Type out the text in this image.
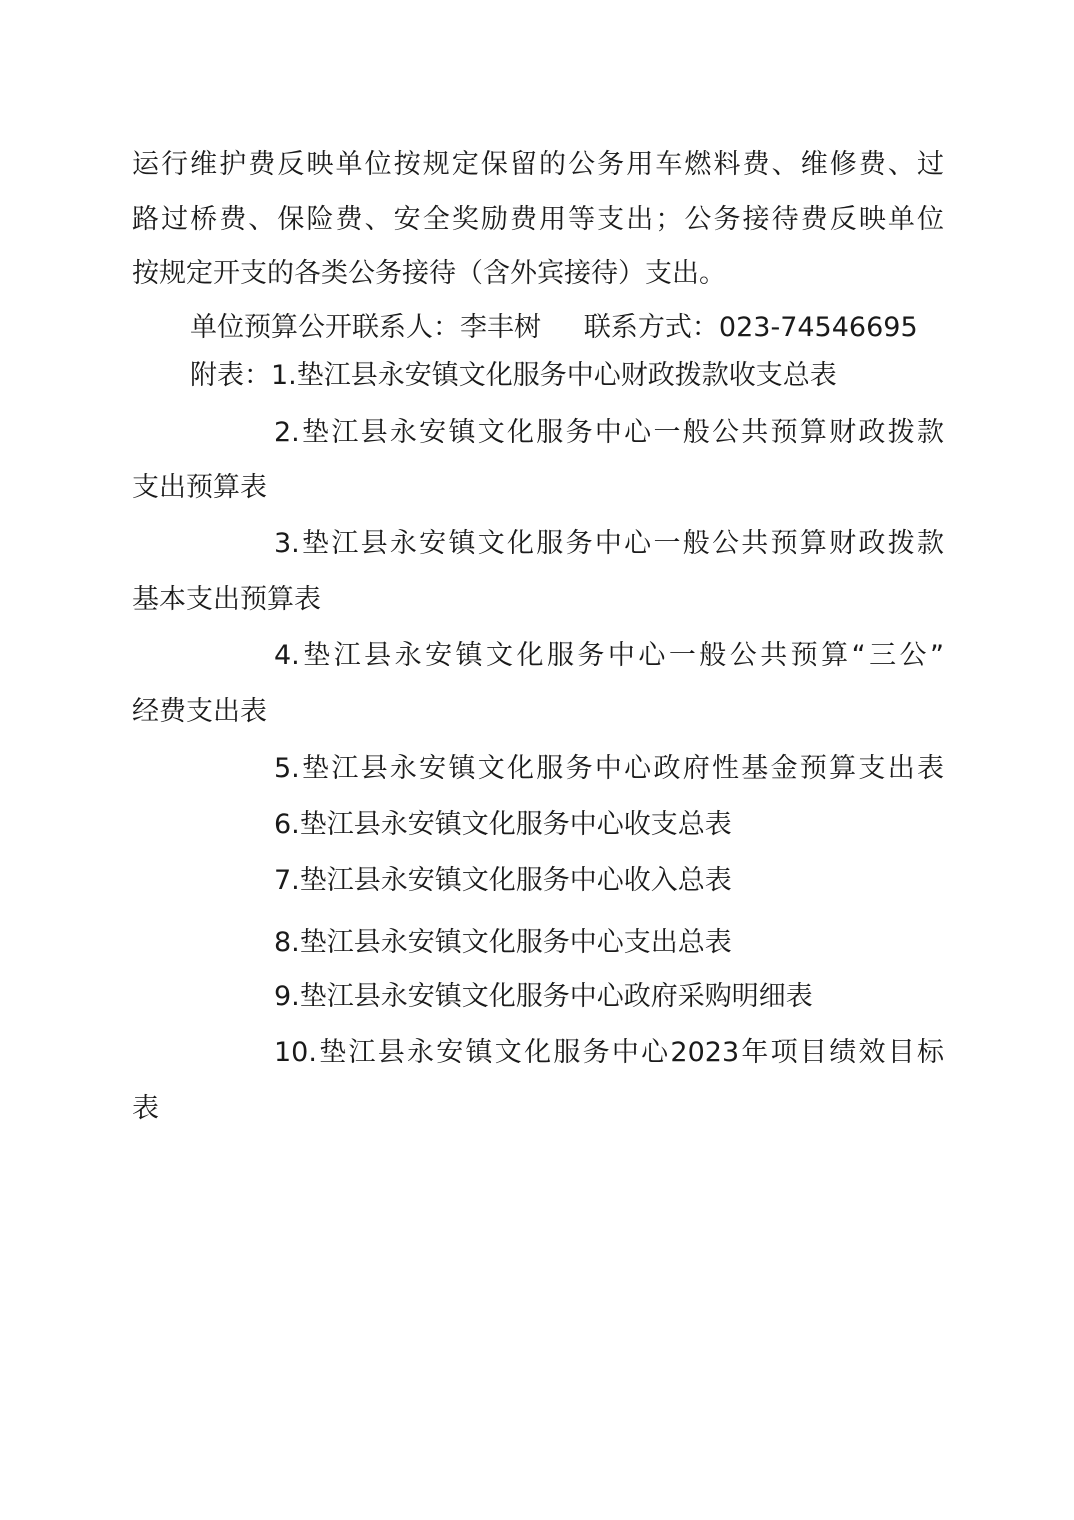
运行维护费反映单位按规定保留的公务用车燃料费、维修费、过
路过桥费、保险费、安全奖励费用等支出；公务接待费反映单位
按规定开支的各类公务接待（含外宾接待）支出。
单位预算公开联系人：李丰树 联系方式：023-74546695
附表：1.垫江县永安镇文化服务中心财政拨款收支总表
2.垫江县永安镇文化服务中心一般公共预算财政拨款
支出预算表
3.垫江县永安镇文化服务中心一般公共预算财政拨款
基本支出预算表
4.垫江县永安镇文化服务中心一般公共预算“三公”
经费支出表
5.垫江县永安镇文化服务中心政府性基金预算支出表
6.垫江县永安镇文化服务中心收支总表
7.垫江县永安镇文化服务中心收入总表
8.垫江县永安镇文化服务中心支出总表
9.垫江县永安镇文化服务中心政府采购明细表
10.垫江县永安镇文化服务中心2023年项目绩效目标
表
